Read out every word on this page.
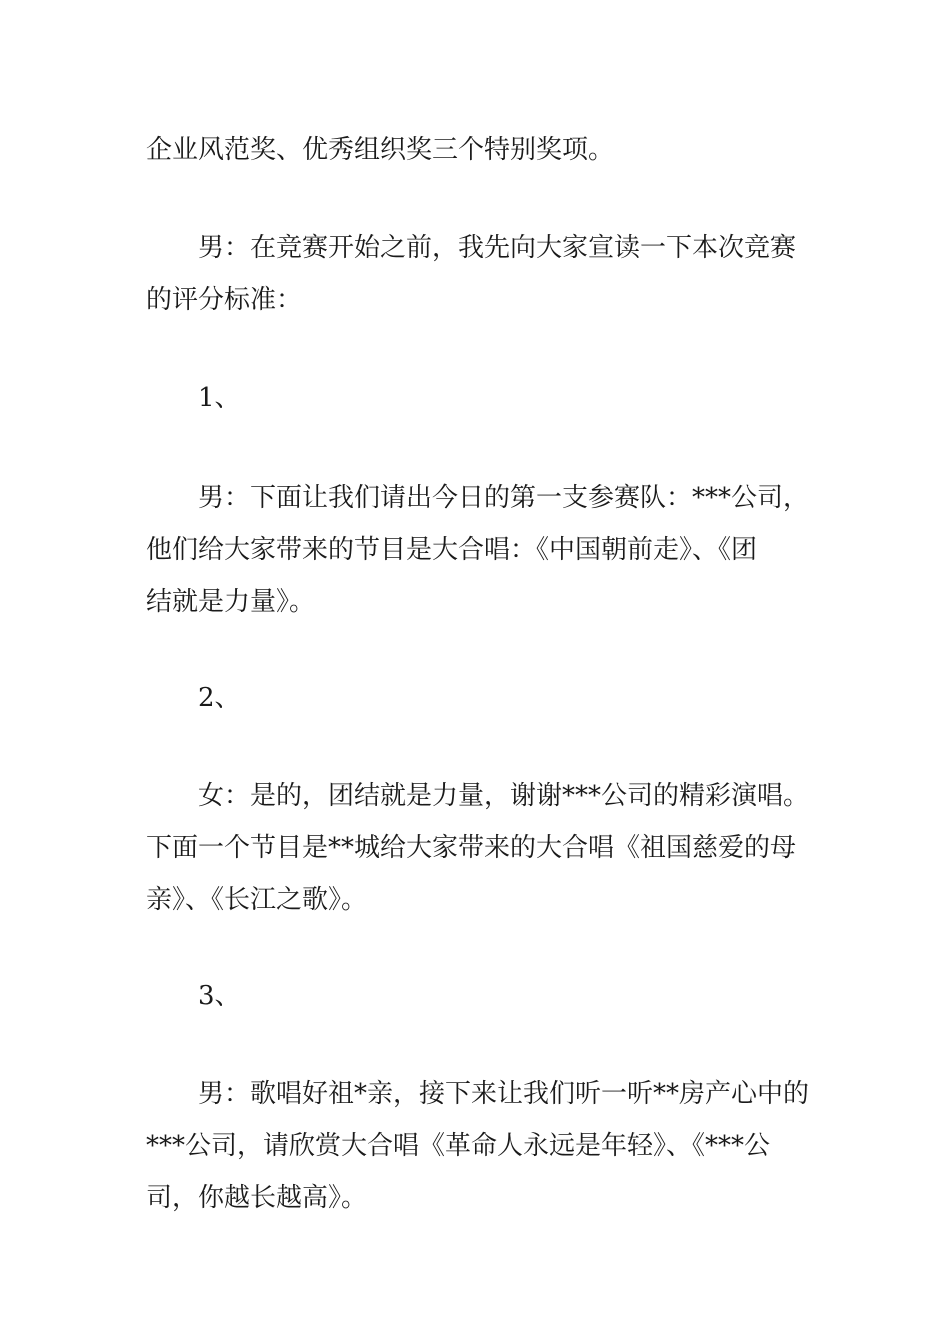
企业风范奖、优秀组织奖三个特别奖项。
男：在竞赛开始之前，我先向大家宣读一下本次竞赛
的评分标准：
1、
男：下面让我们请出今日的第一支参赛队：***公司，
他们给大家带来的节目是大合唱：《中国朝前走》、《团
结就是力量》。
2、
女：是的，团结就是力量，谢谢***公司的精彩演唱。
下面一个节目是**城给大家带来的大合唱《祖国慈爱的母
亲》、《长江之歌》。
3、
男：歌唱好祖*亲，接下来让我们听一听**房产心中的
***公司，请欣赏大合唱《革命人永远是年轻》、《***公
司，你越长越高》。
